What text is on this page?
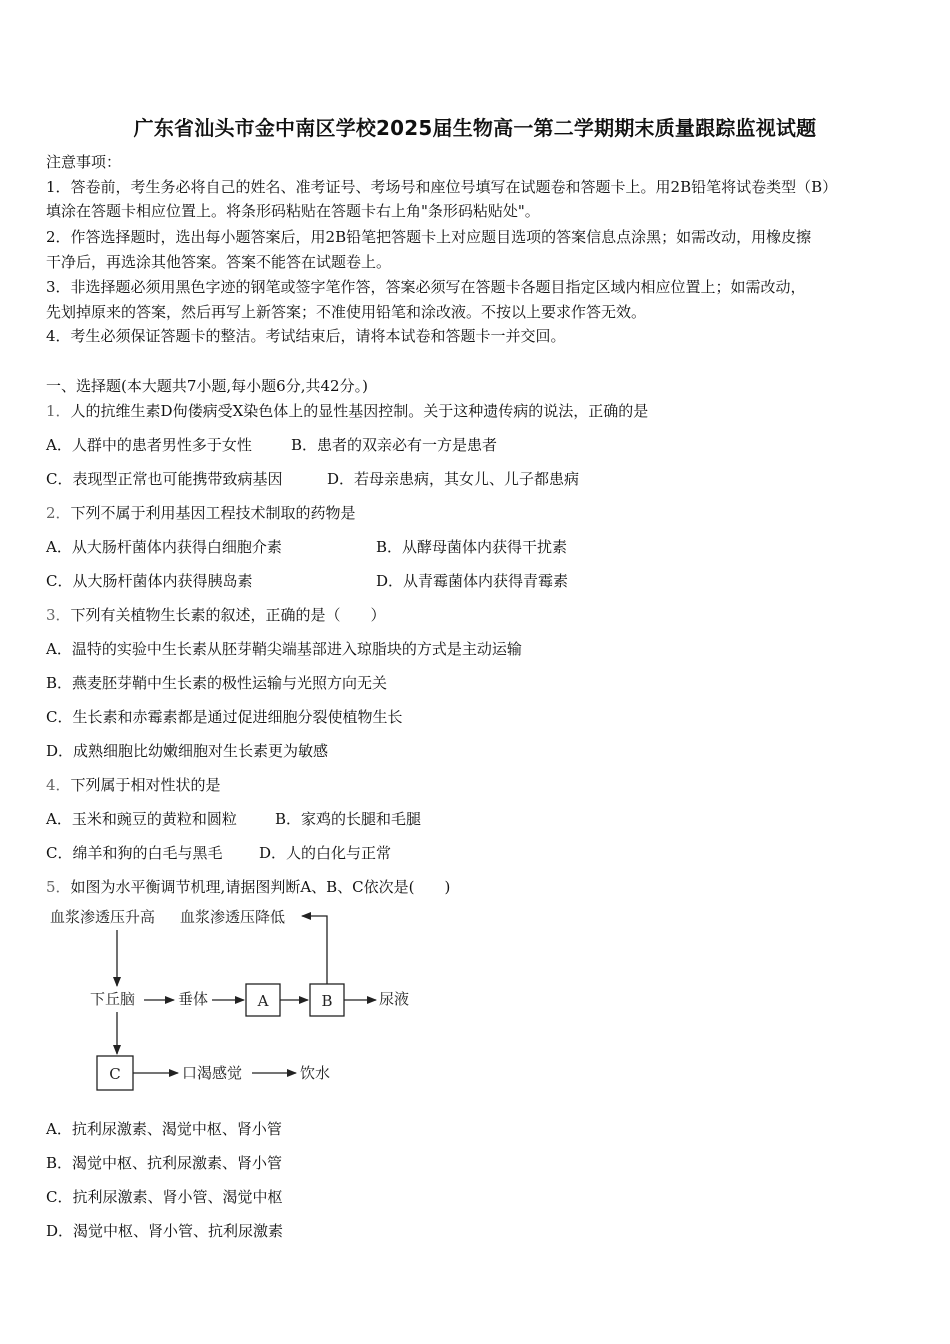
广东省汕头市金中南区学校2025届生物高一第二学期期末质量跟踪监视试题
注意事项：
1．答卷前，考生务必将自己的姓名、准考证号、考场号和座位号填写在试题卷和答题卡上。用2B铅笔将试卷类型（B）
填涂在答题卡相应位置上。将条形码粘贴在答题卡右上角"条形码粘贴处"。
2．作答选择题时，选出每小题答案后，用2B铅笔把答题卡上对应题目选项的答案信息点涂黑；如需改动，用橡皮擦
干净后，再选涂其他答案。答案不能答在试题卷上。
3．非选择题必须用黑色字迹的钢笔或签字笔作答，答案必须写在答题卡各题目指定区域内相应位置上；如需改动，
先划掉原来的答案，然后再写上新答案；不准使用铅笔和涂改液。不按以上要求作答无效。
4．考生必须保证答题卡的整洁。考试结束后，请将本试卷和答题卡一并交回。
一、选择题(本大题共7小题,每小题6分,共42分。)
1．人的抗维生素D佝偻病受X染色体上的显性基因控制。关于这种遗传病的说法，正确的是
A．人群中的患者男性多于女性	B．患者的双亲必有一方是患者
C．表现型正常也可能携带致病基因	D．若母亲患病，其女儿、儿子都患病
2．下列不属于利用基因工程技术制取的药物是
A．从大肠杆菌体内获得白细胞介素	B．从酵母菌体内获得干扰素
C．从大肠杆菌体内获得胰岛素	D．从青霉菌体内获得青霉素
3．下列有关植物生长素的叙述，正确的是（　　）
A．温特的实验中生长素从胚芽鞘尖端基部进入琼脂块的方式是主动运输
B．燕麦胚芽鞘中生长素的极性运输与光照方向无关
C．生长素和赤霉素都是通过促进细胞分裂使植物生长
D．成熟细胞比幼嫩细胞对生长素更为敏感
4．下列属于相对性状的是
A．玉米和豌豆的黄粒和圆粒	B．家鸡的长腿和毛腿
C．绵羊和狗的白毛与黑毛 D．人的白化与正常
5．如图为水平衡调节机理,请据图判断A、B、C依次是(　　)
血浆渗透压升高 血浆渗透压降低
下丘脑	垂体	A	B	尿液
C	口渴感觉	饮水
A．抗利尿激素、渴觉中枢、肾小管
B．渴觉中枢、抗利尿激素、肾小管
C．抗利尿激素、肾小管、渴觉中枢
D．渴觉中枢、肾小管、抗利尿激素
